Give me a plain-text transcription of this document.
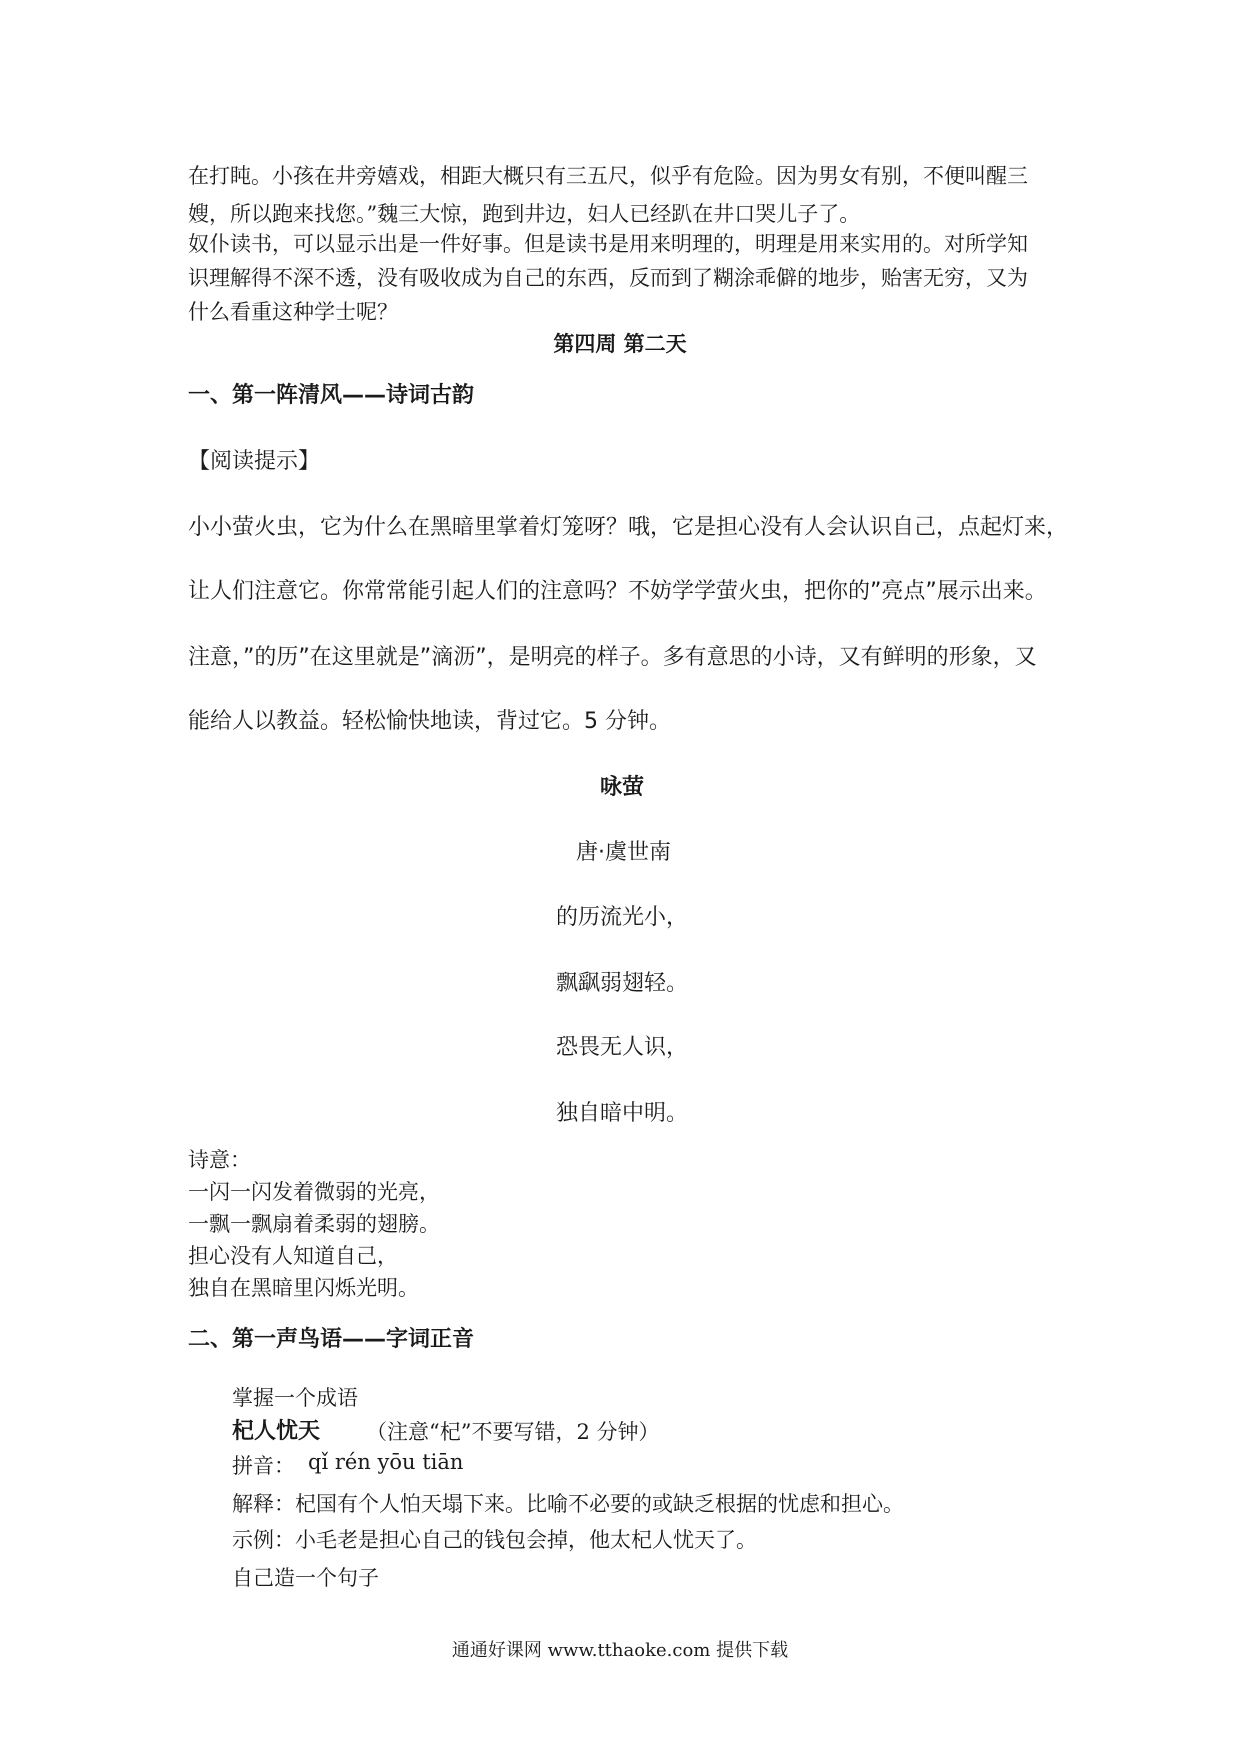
在打盹。小孩在井旁嬉戏，相距大概只有三五尺，似乎有危险。因为男女有别，不便叫醒三
嫂，所以跑来找您。”魏三大惊，跑到井边，妇人已经趴在井口哭儿子了。
奴仆读书，可以显示出是一件好事。但是读书是用来明理的，明理是用来实用的。对所学知
识理解得不深不透，没有吸收成为自己的东西，反而到了糊涂乖僻的地步，贻害无穷，又为
什么看重这种学士呢？
第四周 第二天
一、第一阵清风——诗词古韵
【阅读提示】
小小萤火虫，它为什么在黑暗里掌着灯笼呀？哦，它是担心没有人会认识自己，点起灯来，
让人们注意它。你常常能引起人们的注意吗？不妨学学萤火虫，把你的”亮点”展示出来。
注意，”的历”在这里就是”滴沥”，是明亮的样子。多有意思的小诗，又有鲜明的形象，又
能给人以教益。轻松愉快地读，背过它。5 分钟。
咏萤
唐·虞世南
的历流光小，
飘飖弱翅轻。
恐畏无人识，
独自暗中明。
诗意：
一闪一闪发着微弱的光亮，
一飘一飘扇着柔弱的翅膀。
担心没有人知道自己，
独自在黑暗里闪烁光明。
二、第一声鸟语——字词正音
掌握一个成语
杞人忧天 （注意“杞”不要写错，2 分钟）
拼音： qǐ rén yōu tiān
解释：杞国有个人怕天塌下来。比喻不必要的或缺乏根据的忧虑和担心。
示例：小毛老是担心自己的钱包会掉，他太杞人忧天了。
自己造一个句子
通通好课网 www.tthaoke.com 提供下载
